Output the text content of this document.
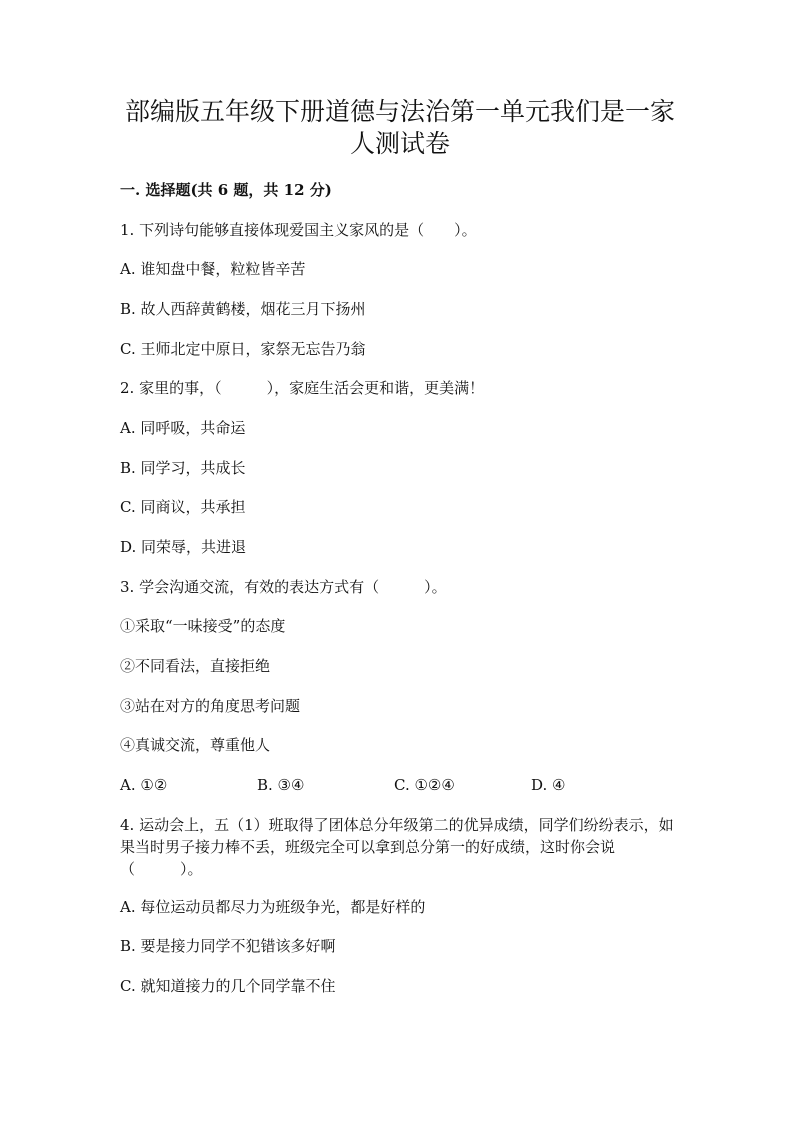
部编版五年级下册道德与法治第一单元我们是一家
人测试卷
一. 选择题(共 6 题，共 12 分)
1. 下列诗句能够直接体现爱国主义家风的是（　　）。
A. 谁知盘中餐，粒粒皆辛苦
B. 故人西辞黄鹤楼，烟花三月下扬州
C. 王师北定中原日，家祭无忘告乃翁
2. 家里的事，（　　　），家庭生活会更和谐，更美满！
A. 同呼吸，共命运
B. 同学习，共成长
C. 同商议，共承担
D. 同荣辱，共进退
3. 学会沟通交流，有效的表达方式有（　　　）。
①采取“一味接受”的态度
②不同看法，直接拒绝
③站在对方的角度思考问题
④真诚交流，尊重他人
A. ①②	B. ③④	C. ①②④	D. ④
4. 运动会上，五（1）班取得了团体总分年级第二的优异成绩，同学们纷纷表示，如果当时男子接力棒不丢，班级完全可以拿到总分第一的好成绩，这时你会说（　　　）。
A. 每位运动员都尽力为班级争光，都是好样的
B. 要是接力同学不犯错该多好啊
C. 就知道接力的几个同学靠不住
